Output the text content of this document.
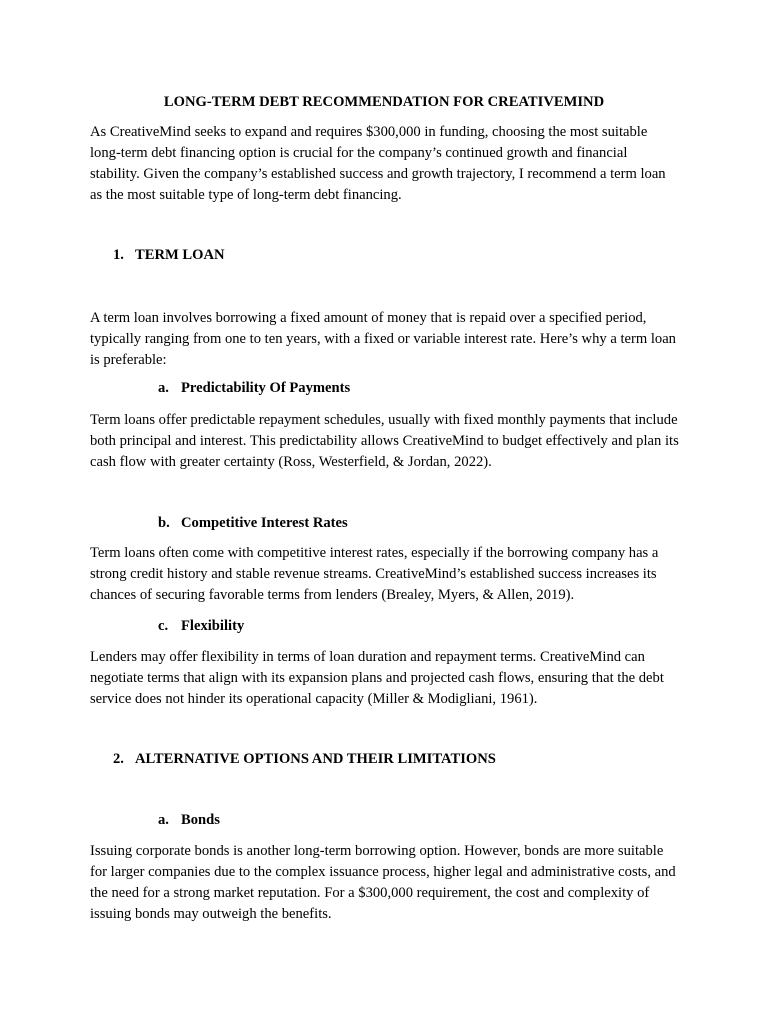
LONG-TERM DEBT RECOMMENDATION FOR CREATIVEMIND

As CreativeMind seeks to expand and requires $300,000 in funding, choosing the most suitable long-term debt financing option is crucial for the company’s continued growth and financial stability. Given the company’s established success and growth trajectory, I recommend a term loan as the most suitable type of long-term debt financing.

1. TERM LOAN

A term loan involves borrowing a fixed amount of money that is repaid over a specified period, typically ranging from one to ten years, with a fixed or variable interest rate. Here’s why a term loan is preferable:

a. Predictability Of Payments

Term loans offer predictable repayment schedules, usually with fixed monthly payments that include both principal and interest. This predictability allows CreativeMind to budget effectively and plan its cash flow with greater certainty (Ross, Westerfield, & Jordan, 2022).

b. Competitive Interest Rates

Term loans often come with competitive interest rates, especially if the borrowing company has a strong credit history and stable revenue streams. CreativeMind’s established success increases its chances of securing favorable terms from lenders (Brealey, Myers, & Allen, 2019).

c. Flexibility

Lenders may offer flexibility in terms of loan duration and repayment terms. CreativeMind can negotiate terms that align with its expansion plans and projected cash flows, ensuring that the debt service does not hinder its operational capacity (Miller & Modigliani, 1961).

2. ALTERNATIVE OPTIONS AND THEIR LIMITATIONS
a. Bonds

Issuing corporate bonds is another long-term borrowing option. However, bonds are more suitable for larger companies due to the complex issuance process, higher legal and administrative costs, and the need for a strong market reputation. For a $300,000 requirement, the cost and complexity of issuing bonds may outweigh the benefits.
